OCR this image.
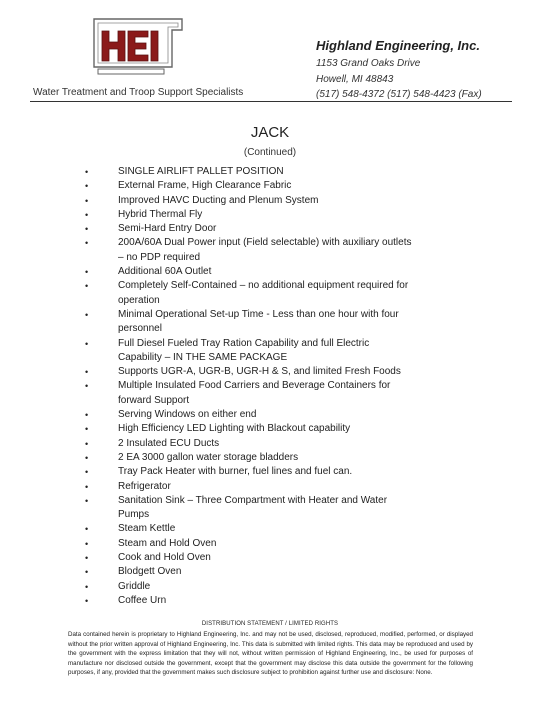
Highland Engineering, Inc.
1153 Grand Oaks Drive
Howell, MI 48843
(517) 548-4372 (517) 548-4423 (Fax)
Water Treatment and Troop Support Specialists
JACK
(Continued)
•	SINGLE AIRLIFT PALLET POSITION
•	External Frame, High Clearance Fabric
•	Improved HAVC Ducting and Plenum System
•	Hybrid Thermal Fly
•	Semi-Hard Entry Door
•	200A/60A Dual Power input (Field selectable) with auxiliary outlets – no PDP required
•	Additional 60A Outlet
•	Completely Self-Contained – no additional equipment required for operation
•	Minimal Operational Set-up Time - Less than one hour with four personnel
•	Full Diesel Fueled Tray Ration Capability and full Electric Capability – IN THE SAME PACKAGE
•	Supports UGR-A, UGR-B, UGR-H & S, and limited Fresh Foods
•	Multiple Insulated Food Carriers and Beverage Containers for forward Support
•	Serving Windows on either end
•	High Efficiency LED Lighting with Blackout capability
•	2 Insulated ECU Ducts
•	2 EA 3000 gallon water storage bladders
•	Tray Pack Heater with burner, fuel lines and fuel can.
•	Refrigerator
•	Sanitation Sink – Three Compartment with Heater and Water Pumps
•	Steam Kettle
•	Steam and Hold Oven
•	Cook and Hold Oven
•	Blodgett Oven
•	Griddle
•	Coffee Urn
DISTRIBUTION STATEMENT / LIMITED RIGHTS
Data contained herein is proprietary to Highland Engineering, Inc. and may not be used, disclosed, reproduced, modified, performed, or displayed without the prior written approval of Highland Engineering, Inc. This data is submitted with limited rights. This data may be reproduced and used by the government with the express limitation that they will not, without written permission of Highland Engineering, Inc., be used for purposes of manufacture nor disclosed outside the government, except that the government may disclose this data outside the government for the following purposes, if any, provided that the government makes such disclosure subject to prohibition against further use and disclosure: None.
